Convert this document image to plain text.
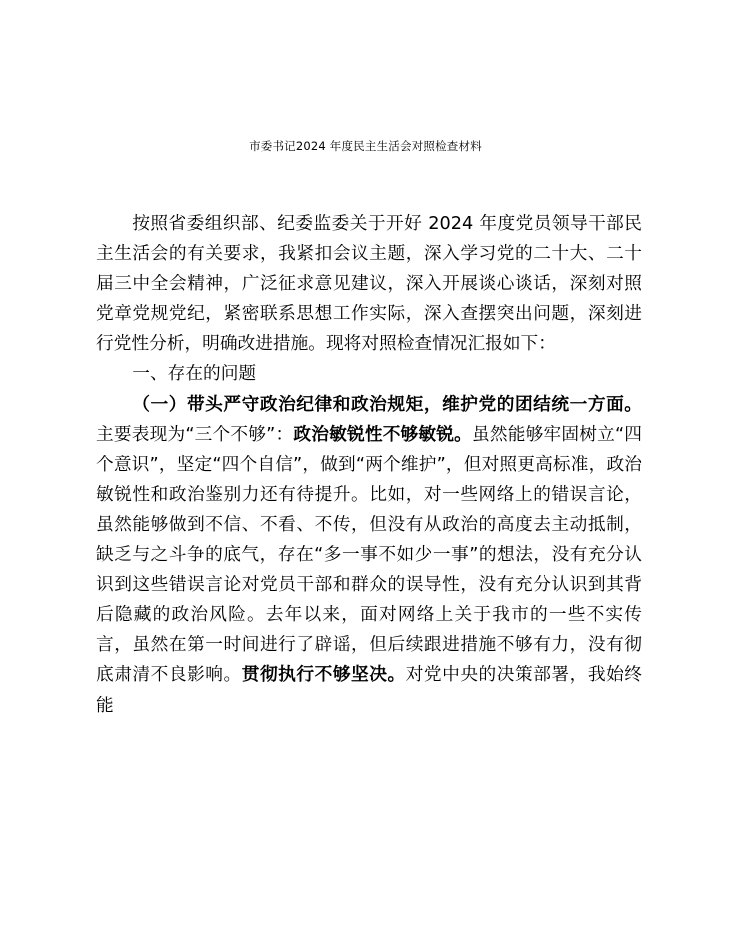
市委书记2024 年度民主生活会对照检查材料

按照省委组织部、纪委监委关于开好 2024 年度党员领导干部民主生活会的有关要求，我紧扣会议主题，深入学习党的二十大、二十届三中全会精神，广泛征求意见建议，深入开展谈心谈话，深刻对照党章党规党纪，紧密联系思想工作实际，深入查摆突出问题，深刻进行党性分析，明确改进措施。现将对照检查情况汇报如下：

一、存在的问题

（一）带头严守政治纪律和政治规矩，维护党的团结统一方面。主要表现为“三个不够”：政治敏锐性不够敏锐。虽然能够牢固树立“四个意识”，坚定“四个自信”，做到“两个维护”，但对照更高标准，政治敏锐性和政治鉴别力还有待提升。比如，对一些网络上的错误言论，虽然能够做到不信、不看、不传，但没有从政治的高度去主动抵制，缺乏与之斗争的底气，存在“多一事不如少一事”的想法，没有充分认识到这些错误言论对党员干部和群众的误导性，没有充分认识到其背后隐藏的政治风险。去年以来，面对网络上关于我市的一些不实传言，虽然在第一时间进行了辟谣，但后续跟进措施不够有力，没有彻底肃清不良影响。贯彻执行不够坚决。对党中央的决策部署，我始终能
